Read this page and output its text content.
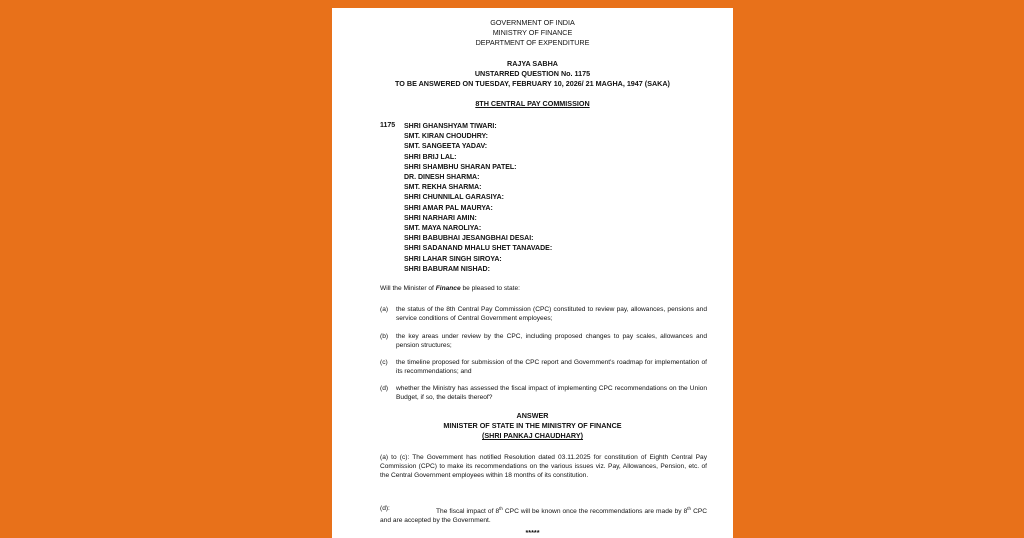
GOVERNMENT OF INDIA
MINISTRY OF FINANCE
DEPARTMENT OF EXPENDITURE
RAJYA SABHA
UNSTARRED QUESTION No. 1175
TO BE ANSWERED ON TUESDAY, FEBRUARY 10, 2026/ 21 MAGHA, 1947 (SAKA)
8TH CENTRAL PAY COMMISSION
1175 SHRI GHANSHYAM TIWARI:
SMT. KIRAN CHOUDHRY:
SMT. SANGEETA YADAV:
SHRI BRIJ LAL:
SHRI SHAMBHU SHARAN PATEL:
DR. DINESH SHARMA:
SMT. REKHA SHARMA:
SHRI CHUNNILAL GARASIYA:
SHRI AMAR PAL MAURYA:
SHRI NARHARI AMIN:
SMT. MAYA NAROLIYA:
SHRI BABUBHAI JESANGBHAI DESAI:
SHRI SADANAND MHALU SHET TANAVADE:
SHRI LAHAR SINGH SIROYA:
SHRI BABURAM NISHAD:
Will the Minister of Finance be pleased to state:
(a) the status of the 8th Central Pay Commission (CPC) constituted to review pay, allowances, pensions and service conditions of Central Government employees;
(b) the key areas under review by the CPC, including proposed changes to pay scales, allowances and pension structures;
(c) the timeline proposed for submission of the CPC report and Government's roadmap for implementation of its recommendations; and
(d) whether the Ministry has assessed the fiscal impact of implementing CPC recommendations on the Union Budget, if so, the details thereof?
ANSWER
MINISTER OF STATE IN THE MINISTRY OF FINANCE
(SHRI PANKAJ CHAUDHARY)
(a) to (c): The Government has notified Resolution dated 03.11.2025 for constitution of Eighth Central Pay Commission (CPC) to make its recommendations on the various issues viz. Pay, Allowances, Pension, etc. of the Central Government employees within 18 months of its constitution.
(d):	The fiscal impact of 8th CPC will be known once the recommendations are made by 8th CPC and are accepted by the Government.
*****
